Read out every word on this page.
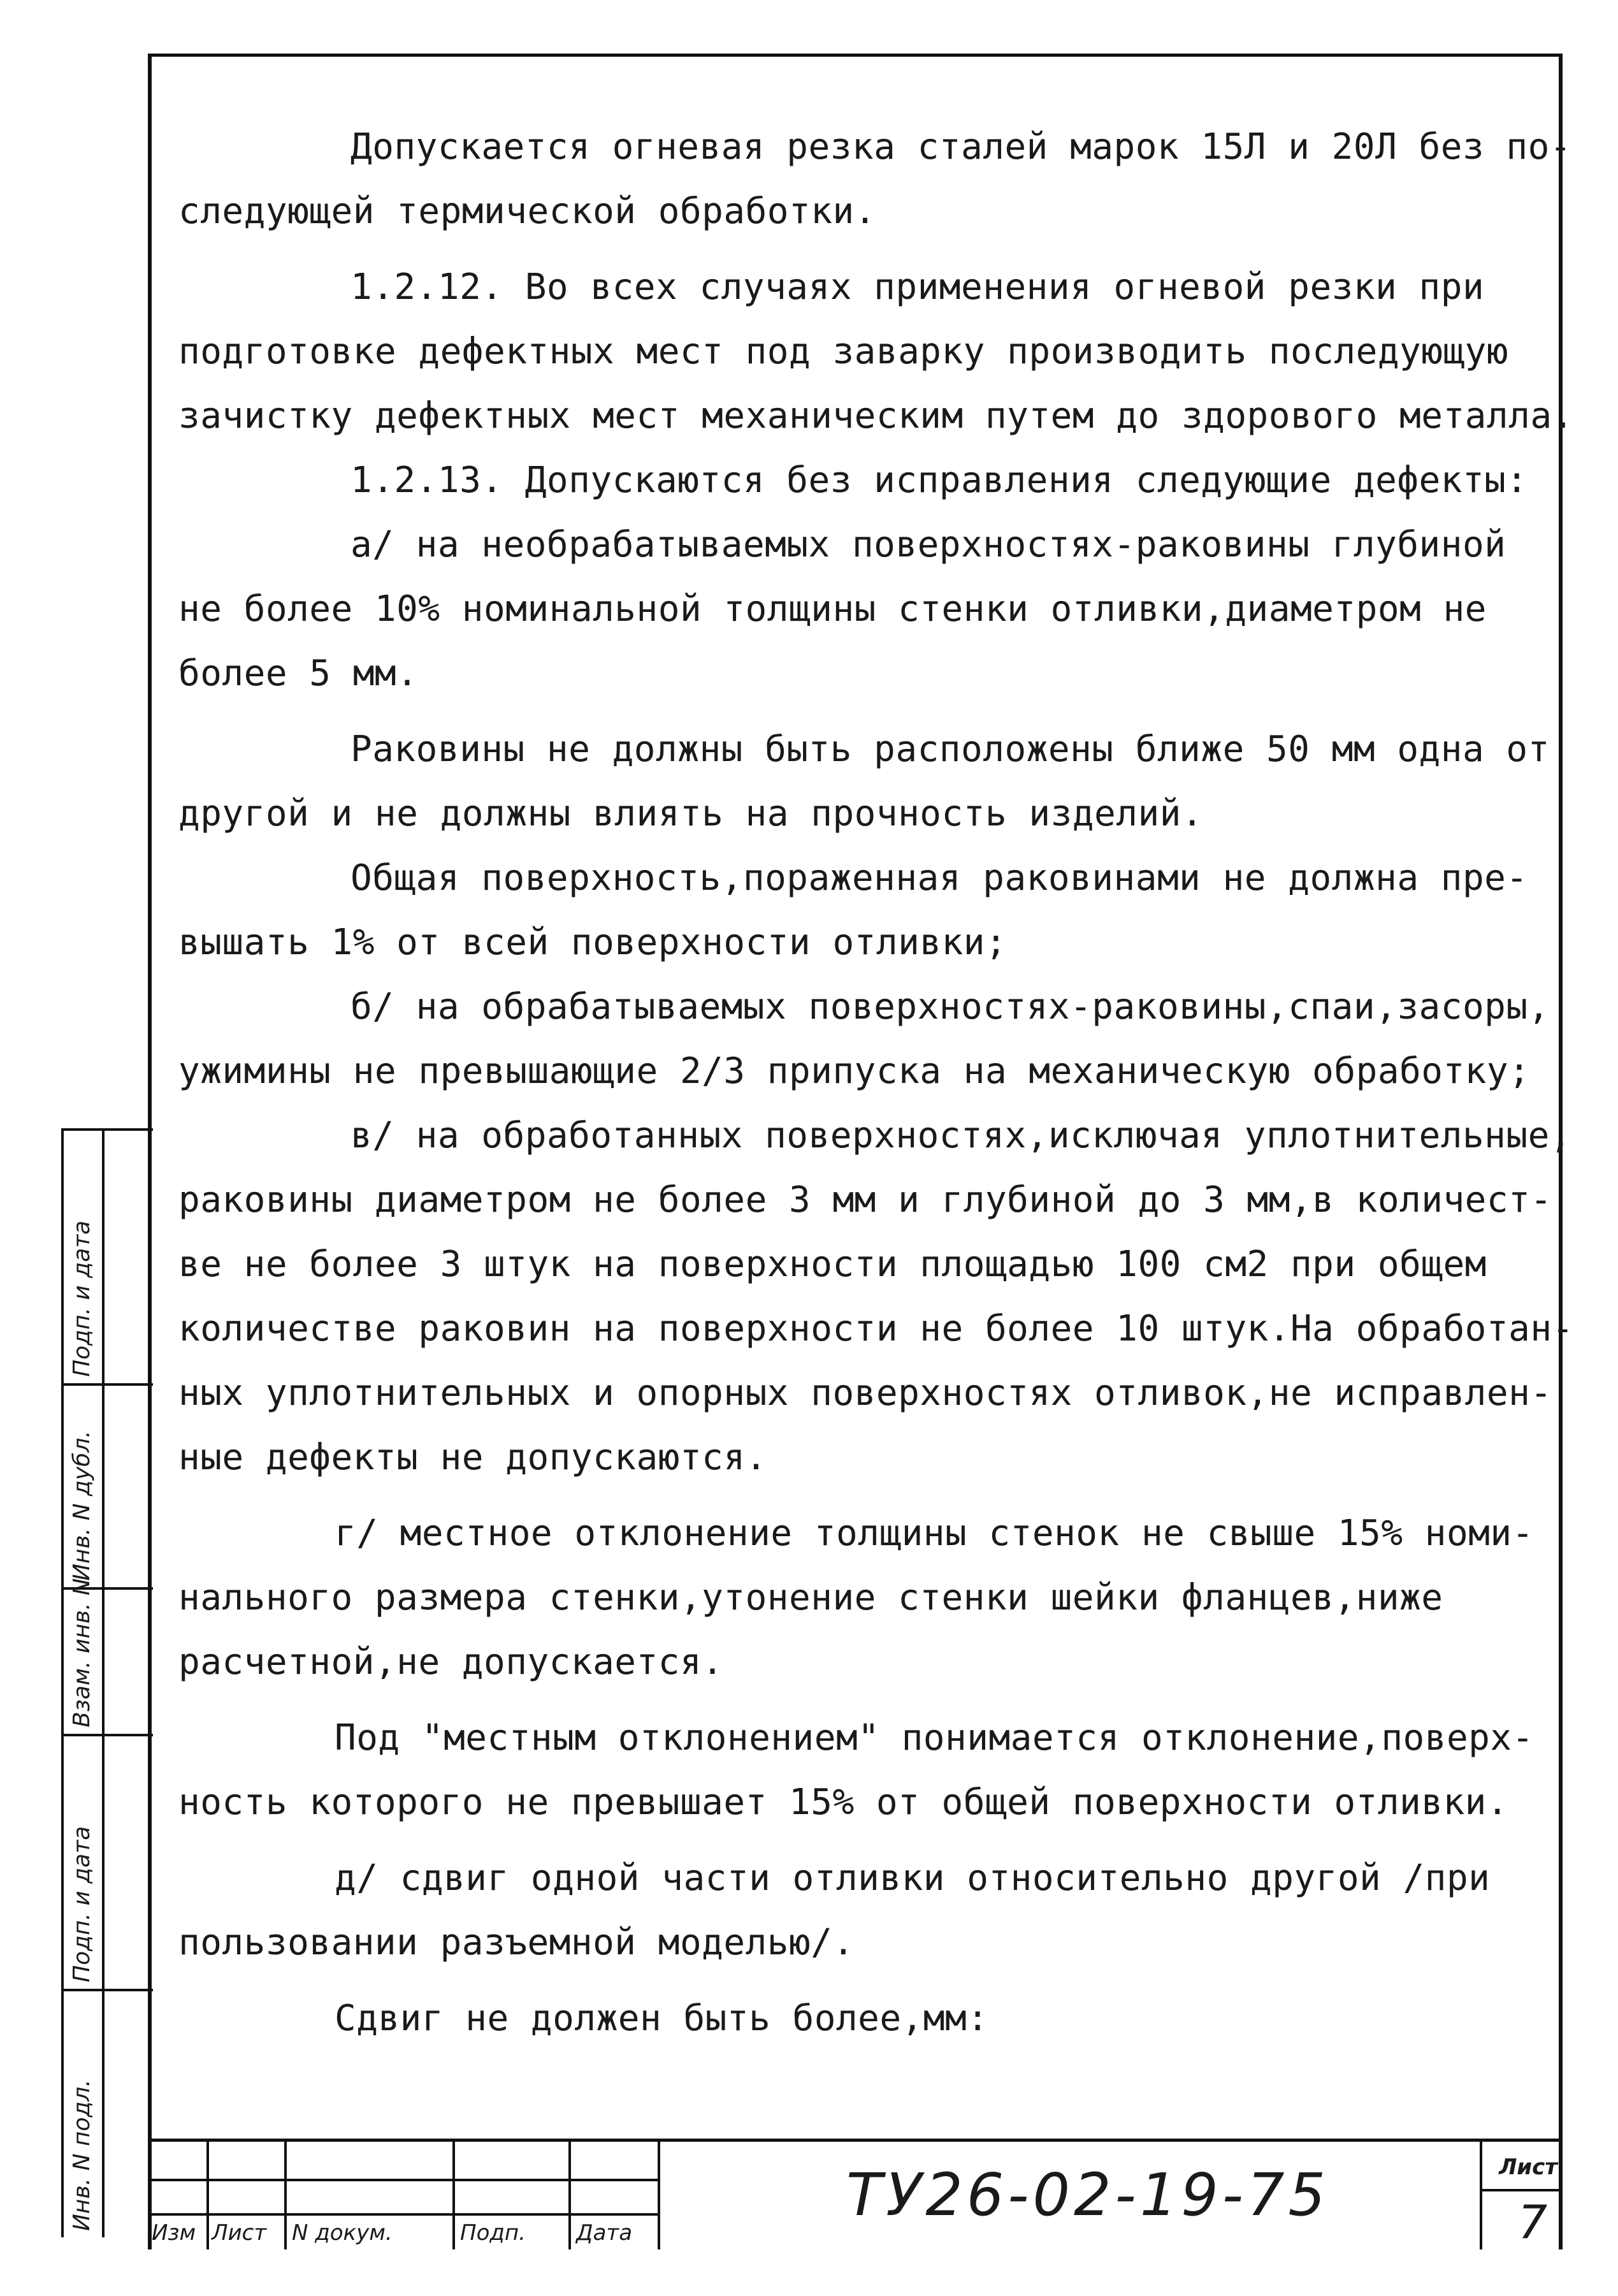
Допускается огневая резка сталей марок 15Л и 20Л без по-
следующей термической обработки.
1.2.12. Во всех случаях применения огневой резки при
подготовке дефектных мест под заварку производить последующую
зачистку дефектных мест механическим путем до здорового металла.
1.2.13. Допускаются без исправления следующие дефекты:
а/ на необрабатываемых поверхностях-раковины глубиной
не более 10% номинальной толщины стенки отливки,диаметром не
более 5 мм.
Раковины не должны быть расположены ближе 50 мм одна от
другой и не должны влиять на прочность изделий.
Общая поверхность,пораженная раковинами не должна пре-
вышать 1% от всей поверхности отливки;
б/ на обрабатываемых поверхностях-раковины,спаи,засоры,
ужимины не превышающие 2/3 припуска на механическую обработку;
в/ на обработанных поверхностях,исключая уплотнительные,
раковины диаметром не более 3 мм и глубиной до 3 мм,в количест-
ве не более 3 штук на поверхности площадью 100 см2 при общем
количестве раковин на поверхности не более 10 штук.На обработан-
ных уплотнительных и опорных поверхностях отливок,не исправлен-
ные дефекты не допускаются.
г/ местное отклонение толщины стенок не свыше 15% номи-
нального размера стенки,утонение стенки шейки фланцев,ниже
расчетной,не допускается.
Под "местным отклонением" понимается отклонение,поверх-
ность которого не превышает 15% от общей поверхности отливки.
д/ сдвиг одной части отливки относительно другой /при
пользовании разъемной моделью/.
Сдвиг не должен быть более,мм:
Изм Лист N докум.	Подп. Дата
ТУ26-02-19-75	Лист
7
Подп. и дата
Инв. N дубл.
Взам. инв. N
Подп. и дата
Инв. N подл.
